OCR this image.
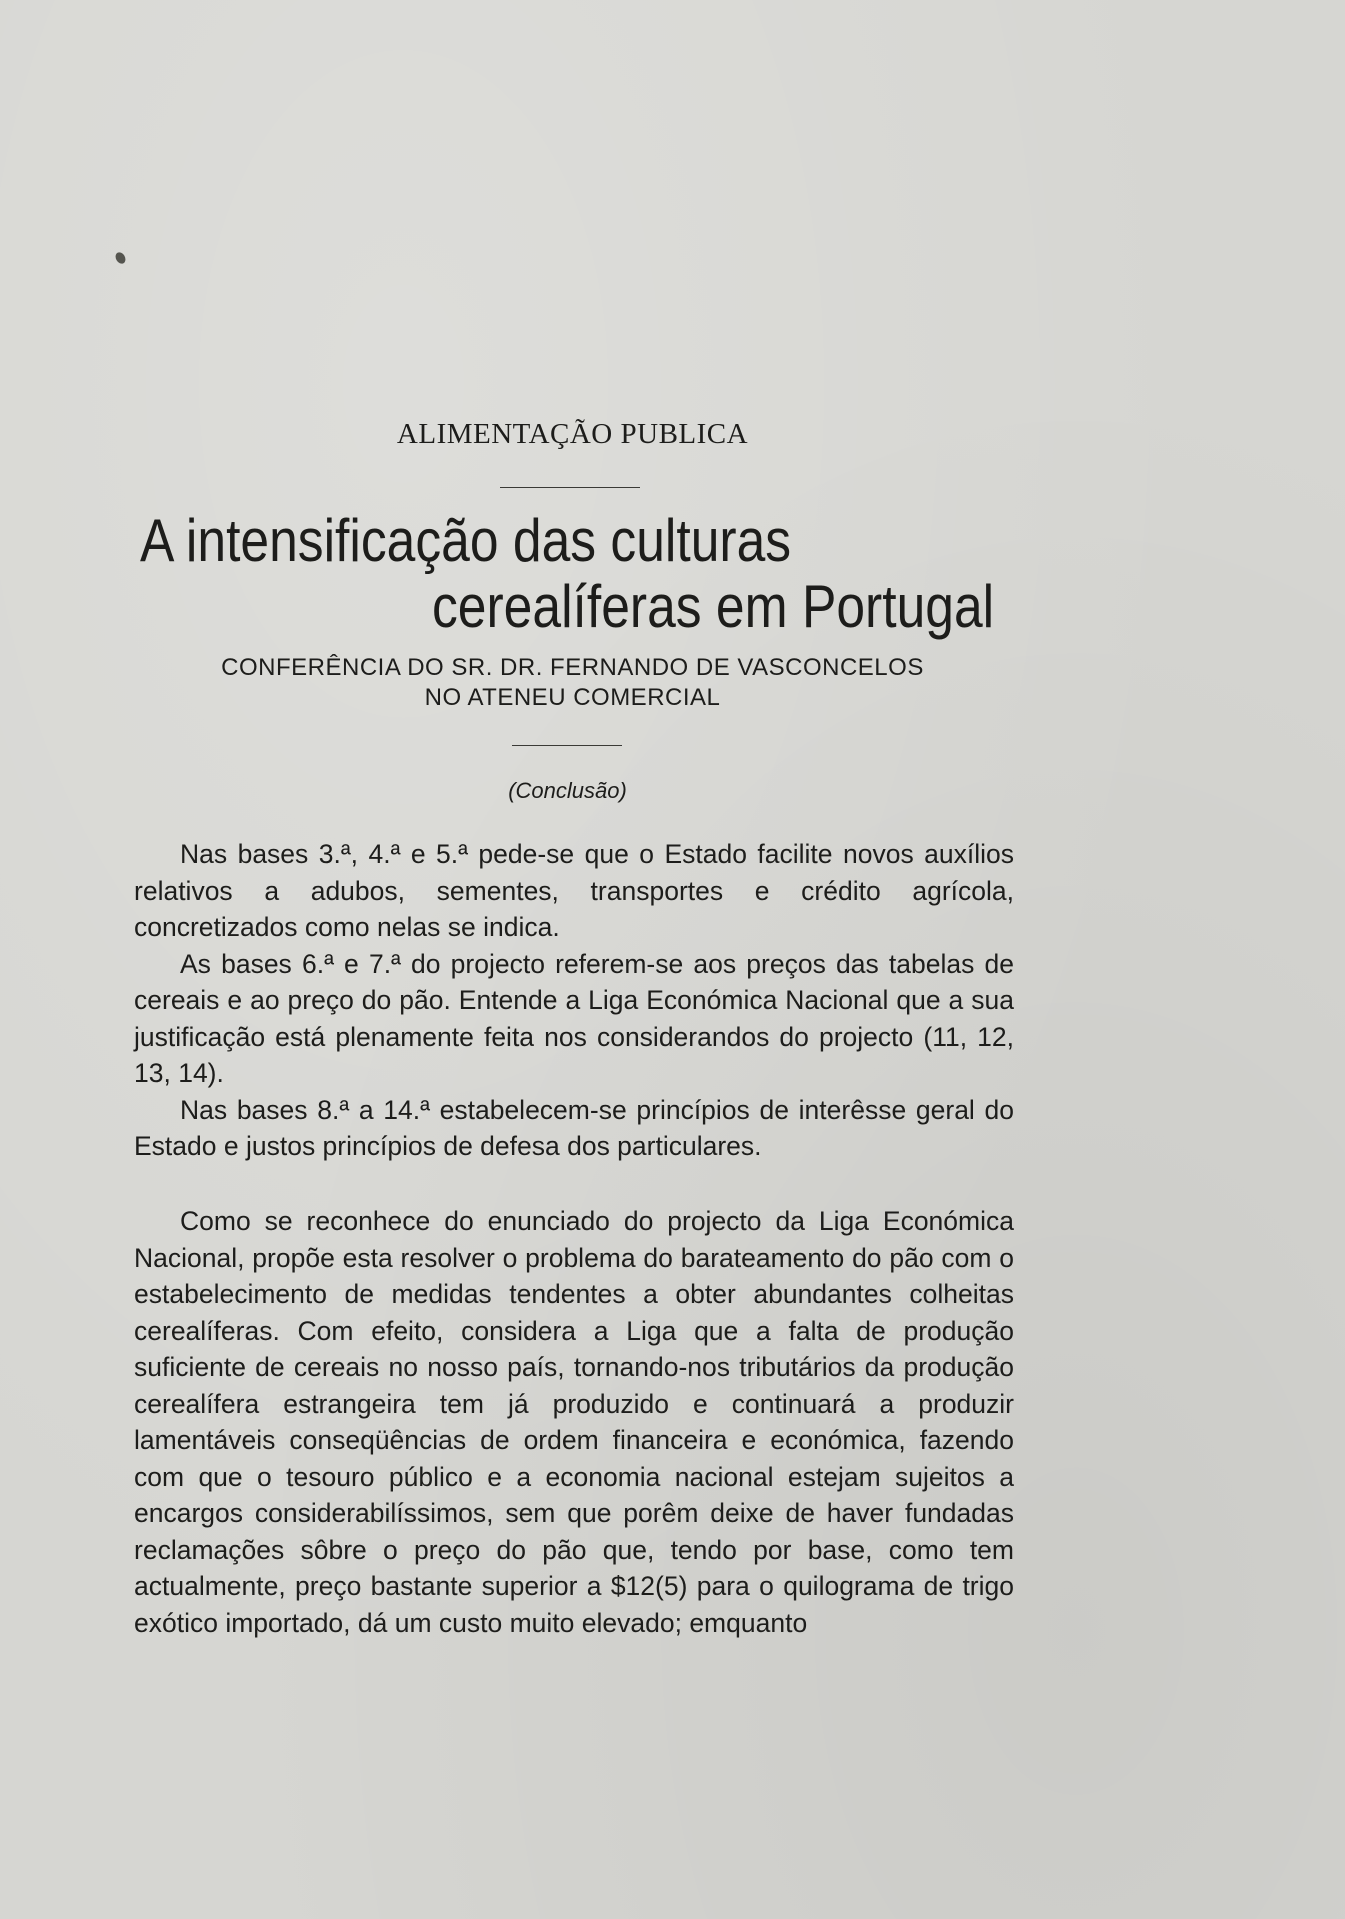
ALIMENTAÇÃO PUBLICA
A intensificação das culturas
cerealíferas em Portugal
CONFERÊNCIA DO SR. DR. FERNANDO DE VASCONCELOS
NO ATENEU COMERCIAL
(Conclusão)

Nas bases 3.ª, 4.ª e 5.ª pede-se que o Estado facilite novos auxílios relativos a adubos, sementes, transportes e crédito agrícola, concretizados como nelas se indica.

As bases 6.ª e 7.ª do projecto referem-se aos preços das tabelas de cereais e ao preço do pão. Entende a Liga Económica Nacional que a sua justificação está plenamente feita nos considerandos do projecto (11, 12, 13, 14).

Nas bases 8.ª a 14.ª estabelecem-se princípios de interêsse geral do Estado e justos princípios de defesa dos particulares.

Como se reconhece do enunciado do projecto da Liga Económica Nacional, propõe esta resolver o problema do barateamento do pão com o estabelecimento de medidas tendentes a obter abundantes colheitas cerealíferas. Com efeito, considera a Liga que a falta de produção suficiente de cereais no nosso país, tornando-nos tributários da produção cerealífera estrangeira tem já produzido e continuará a produzir lamentáveis conseqüências de ordem financeira e económica, fazendo com que o tesouro público e a economia nacional estejam sujeitos a encargos considerabilíssimos, sem que porêm deixe de haver fundadas reclamações sôbre o preço do pão que, tendo por base, como tem actualmente, preço bastante superior a $12(5) para o quilograma de trigo exótico importado, dá um custo muito elevado; emquanto
